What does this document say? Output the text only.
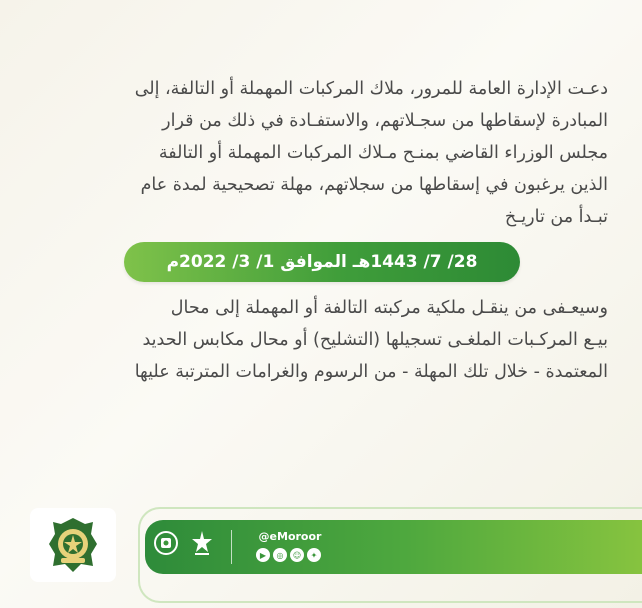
دعـت الإدارة العامة للمرور، ملاك المركبات المهملة أو التالفة، إلى
المبادرة لإسقاطها من سجـلاتهم، والاستفـادة في ذلك من قرار
مجلس الوزراء القاضي بمنـح مـلاك المركبات المهملة أو التالفة
الذين يرغبون في إسقاطها من سجلاتهم، مهلة تصحيحية لمدة عام
تبـدأ من تاريـخ

28/ 7/ 1443هـ الموافق 1/ 3/ 2022م

وسيعـفى من ينقـل ملكية مركبته التالفة أو المهملة إلى محال
بيـع المركـبات الملغـى تسجيلها (التشليح) أو محال مكابس الحديد
المعتمدة - خلال تلك المهلة - من الرسوم والغرامات المترتبة عليها

@eMoroor
▶	◎	☺	✦
